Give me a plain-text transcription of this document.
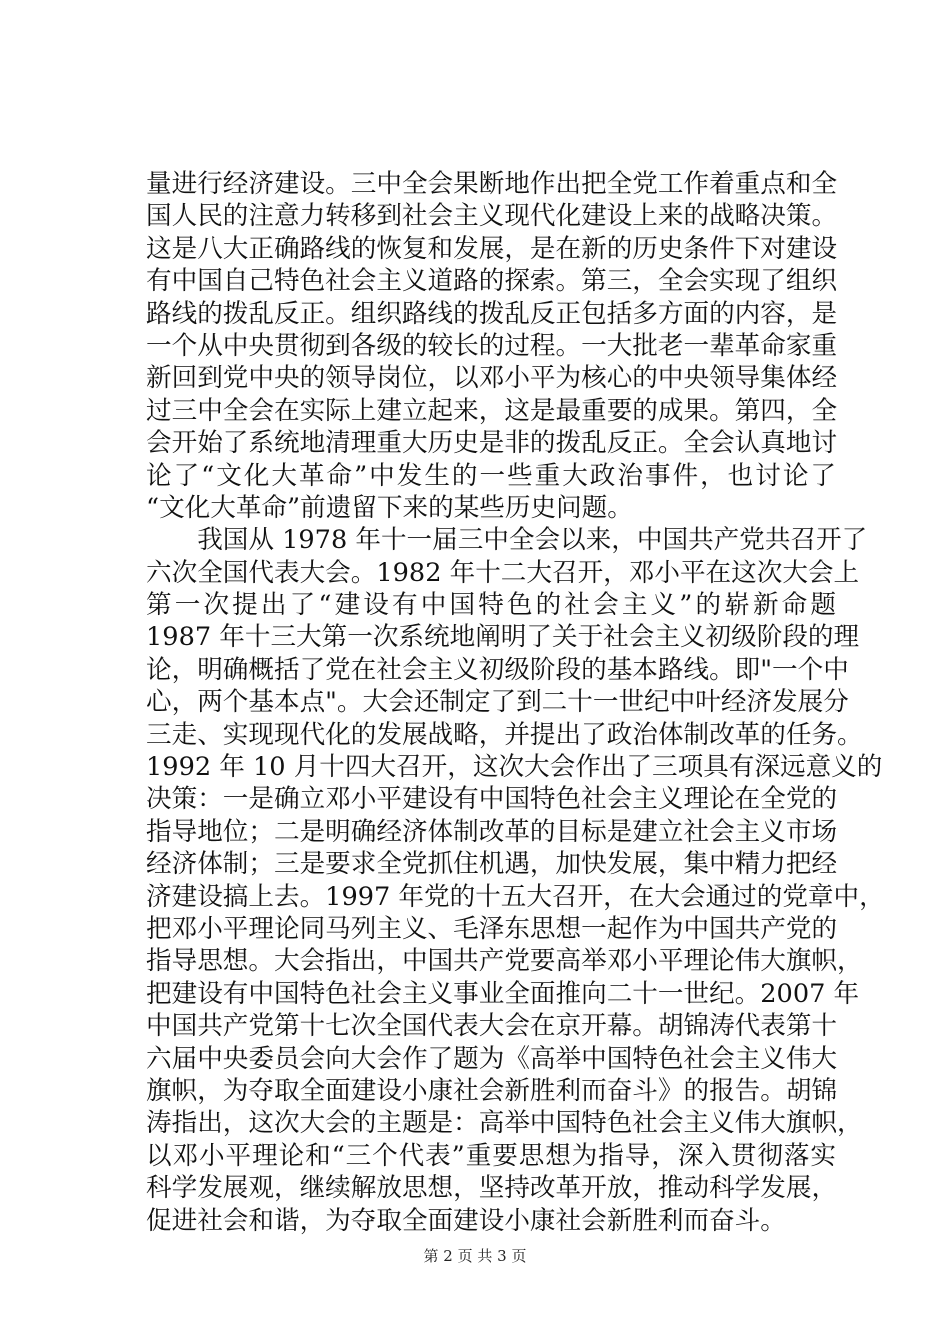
量进行经济建设。三中全会果断地作出把全党工作着重点和全
国人民的注意力转移到社会主义现代化建设上来的战略决策。
这是八大正确路线的恢复和发展，是在新的历史条件下对建设
有中国自己特色社会主义道路的探索。第三，全会实现了组织
路线的拨乱反正。组织路线的拨乱反正包括多方面的内容，是
一个从中央贯彻到各级的较长的过程。一大批老一辈革命家重
新回到党中央的领导岗位，以邓小平为核心的中央领导集体经
过三中全会在实际上建立起来，这是最重要的成果。第四，全
会开始了系统地清理重大历史是非的拨乱反正。全会认真地讨
论了“文化大革命”中发生的一些重大政治事件，也讨论了
“文化大革命”前遗留下来的某些历史问题。
　　我国从 1978 年十一届三中全会以来，中国共产党共召开了
六次全国代表大会。1982 年十二大召开，邓小平在这次大会上
第一次提出了“建设有中国特色的社会主义”的崭新命题
1987 年十三大第一次系统地阐明了关于社会主义初级阶段的理
论，明确概括了党在社会主义初级阶段的基本路线。即"一个中
心，两个基本点"。大会还制定了到二十一世纪中叶经济发展分
三走、实现现代化的发展战略，并提出了政治体制改革的任务。
1992 年 10 月十四大召开，这次大会作出了三项具有深远意义的
决策：一是确立邓小平建设有中国特色社会主义理论在全党的
指导地位；二是明确经济体制改革的目标是建立社会主义市场
经济体制；三是要求全党抓住机遇，加快发展，集中精力把经
济建设搞上去。1997 年党的十五大召开，在大会通过的党章中，
把邓小平理论同马列主义、毛泽东思想一起作为中国共产党的
指导思想。大会指出，中国共产党要高举邓小平理论伟大旗帜，
把建设有中国特色社会主义事业全面推向二十一世纪。2007 年
中国共产党第十七次全国代表大会在京开幕。胡锦涛代表第十
六届中央委员会向大会作了题为《高举中国特色社会主义伟大
旗帜，为夺取全面建设小康社会新胜利而奋斗》的报告。胡锦
涛指出，这次大会的主题是：高举中国特色社会主义伟大旗帜，
以邓小平理论和“三个代表”重要思想为指导，深入贯彻落实
科学发展观，继续解放思想，坚持改革开放，推动科学发展，
促进社会和谐，为夺取全面建设小康社会新胜利而奋斗。
第 2 页 共 3 页
